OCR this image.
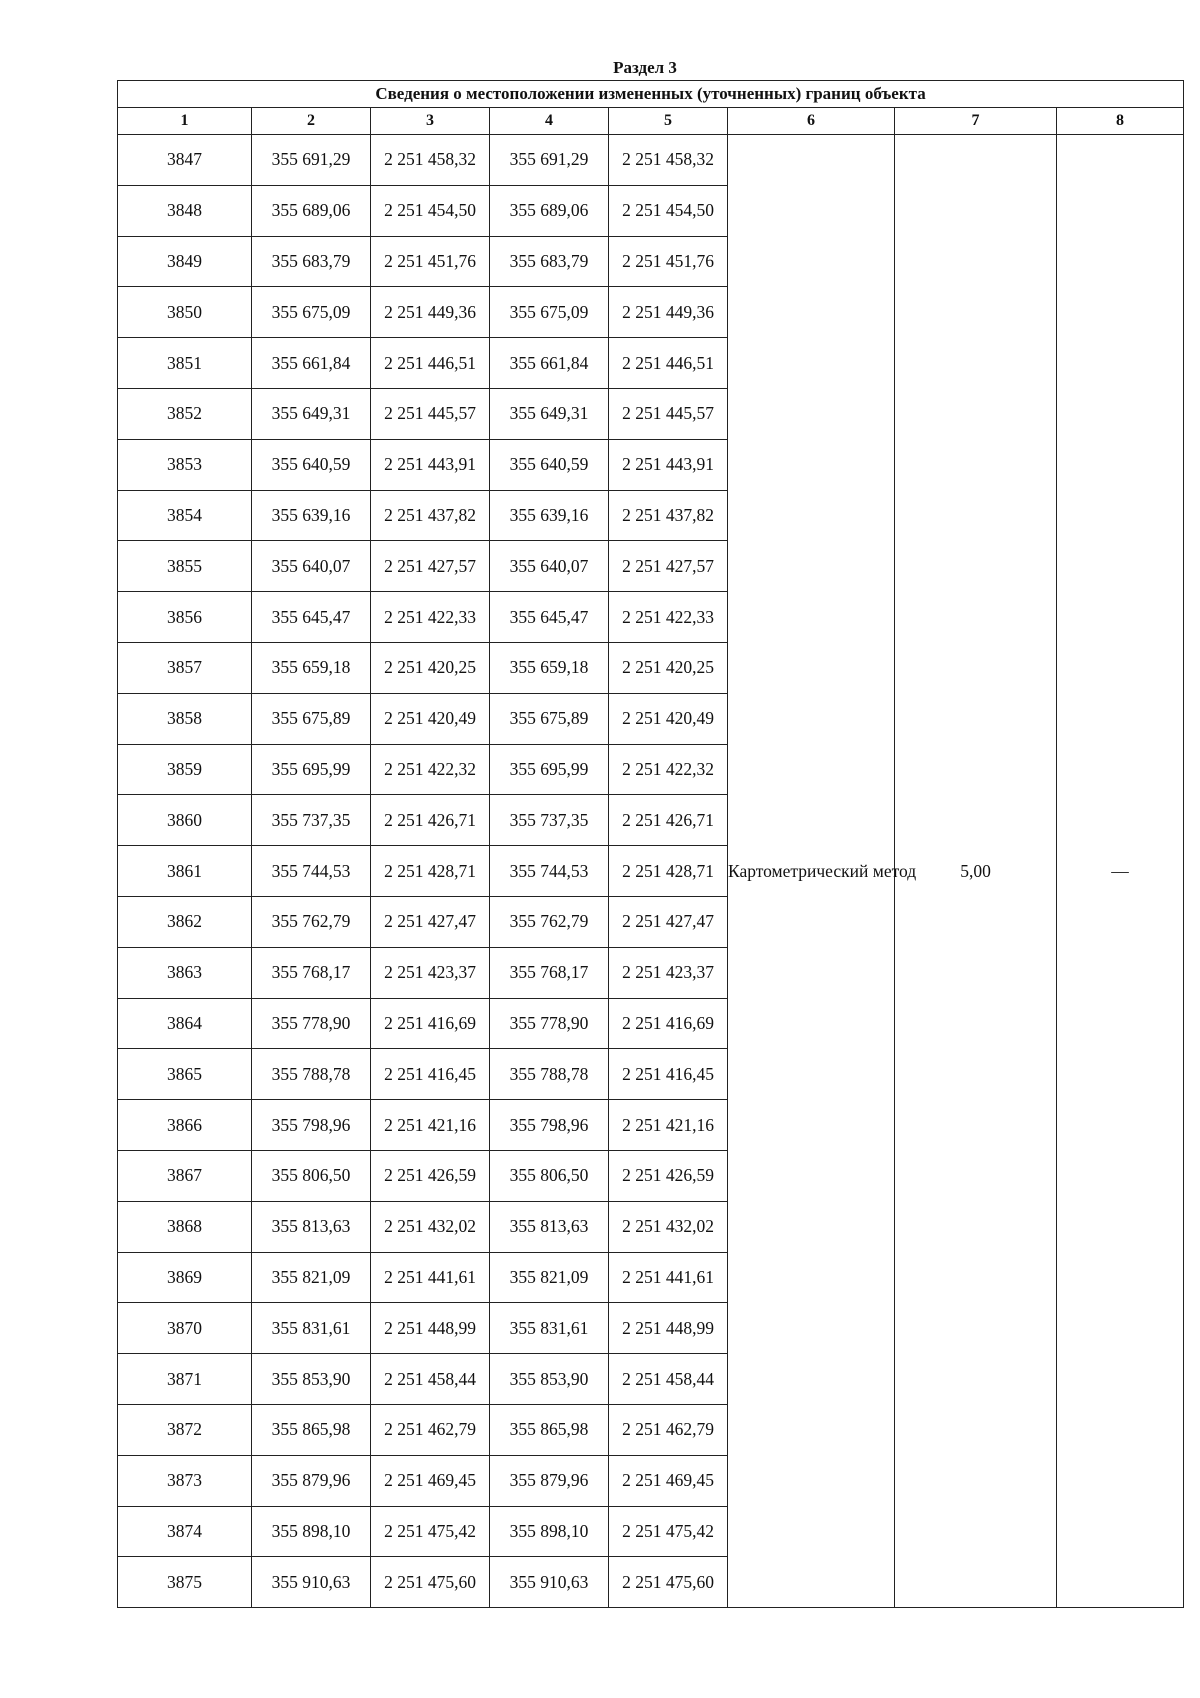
Раздел 3
Сведения о местоположении измененных (уточненных) границ объекта							
1	2	3	4	5	6	7	8
3847	355 691,29	2 251 458,32	355 691,29	2 251 458,32	Картометрический метод	5,00	—
3848	355 689,06	2 251 454,50	355 689,06	2 251 454,50			
3849	355 683,79	2 251 451,76	355 683,79	2 251 451,76			
3850	355 675,09	2 251 449,36	355 675,09	2 251 449,36			
3851	355 661,84	2 251 446,51	355 661,84	2 251 446,51			
3852	355 649,31	2 251 445,57	355 649,31	2 251 445,57			
3853	355 640,59	2 251 443,91	355 640,59	2 251 443,91			
3854	355 639,16	2 251 437,82	355 639,16	2 251 437,82			
3855	355 640,07	2 251 427,57	355 640,07	2 251 427,57			
3856	355 645,47	2 251 422,33	355 645,47	2 251 422,33			
3857	355 659,18	2 251 420,25	355 659,18	2 251 420,25			
3858	355 675,89	2 251 420,49	355 675,89	2 251 420,49			
3859	355 695,99	2 251 422,32	355 695,99	2 251 422,32			
3860	355 737,35	2 251 426,71	355 737,35	2 251 426,71			
3861	355 744,53	2 251 428,71	355 744,53	2 251 428,71			
3862	355 762,79	2 251 427,47	355 762,79	2 251 427,47			
3863	355 768,17	2 251 423,37	355 768,17	2 251 423,37			
3864	355 778,90	2 251 416,69	355 778,90	2 251 416,69			
3865	355 788,78	2 251 416,45	355 788,78	2 251 416,45			
3866	355 798,96	2 251 421,16	355 798,96	2 251 421,16			
3867	355 806,50	2 251 426,59	355 806,50	2 251 426,59			
3868	355 813,63	2 251 432,02	355 813,63	2 251 432,02			
3869	355 821,09	2 251 441,61	355 821,09	2 251 441,61			
3870	355 831,61	2 251 448,99	355 831,61	2 251 448,99			
3871	355 853,90	2 251 458,44	355 853,90	2 251 458,44			
3872	355 865,98	2 251 462,79	355 865,98	2 251 462,79			
3873	355 879,96	2 251 469,45	355 879,96	2 251 469,45			
3874	355 898,10	2 251 475,42	355 898,10	2 251 475,42			
3875	355 910,63	2 251 475,60	355 910,63	2 251 475,60			
